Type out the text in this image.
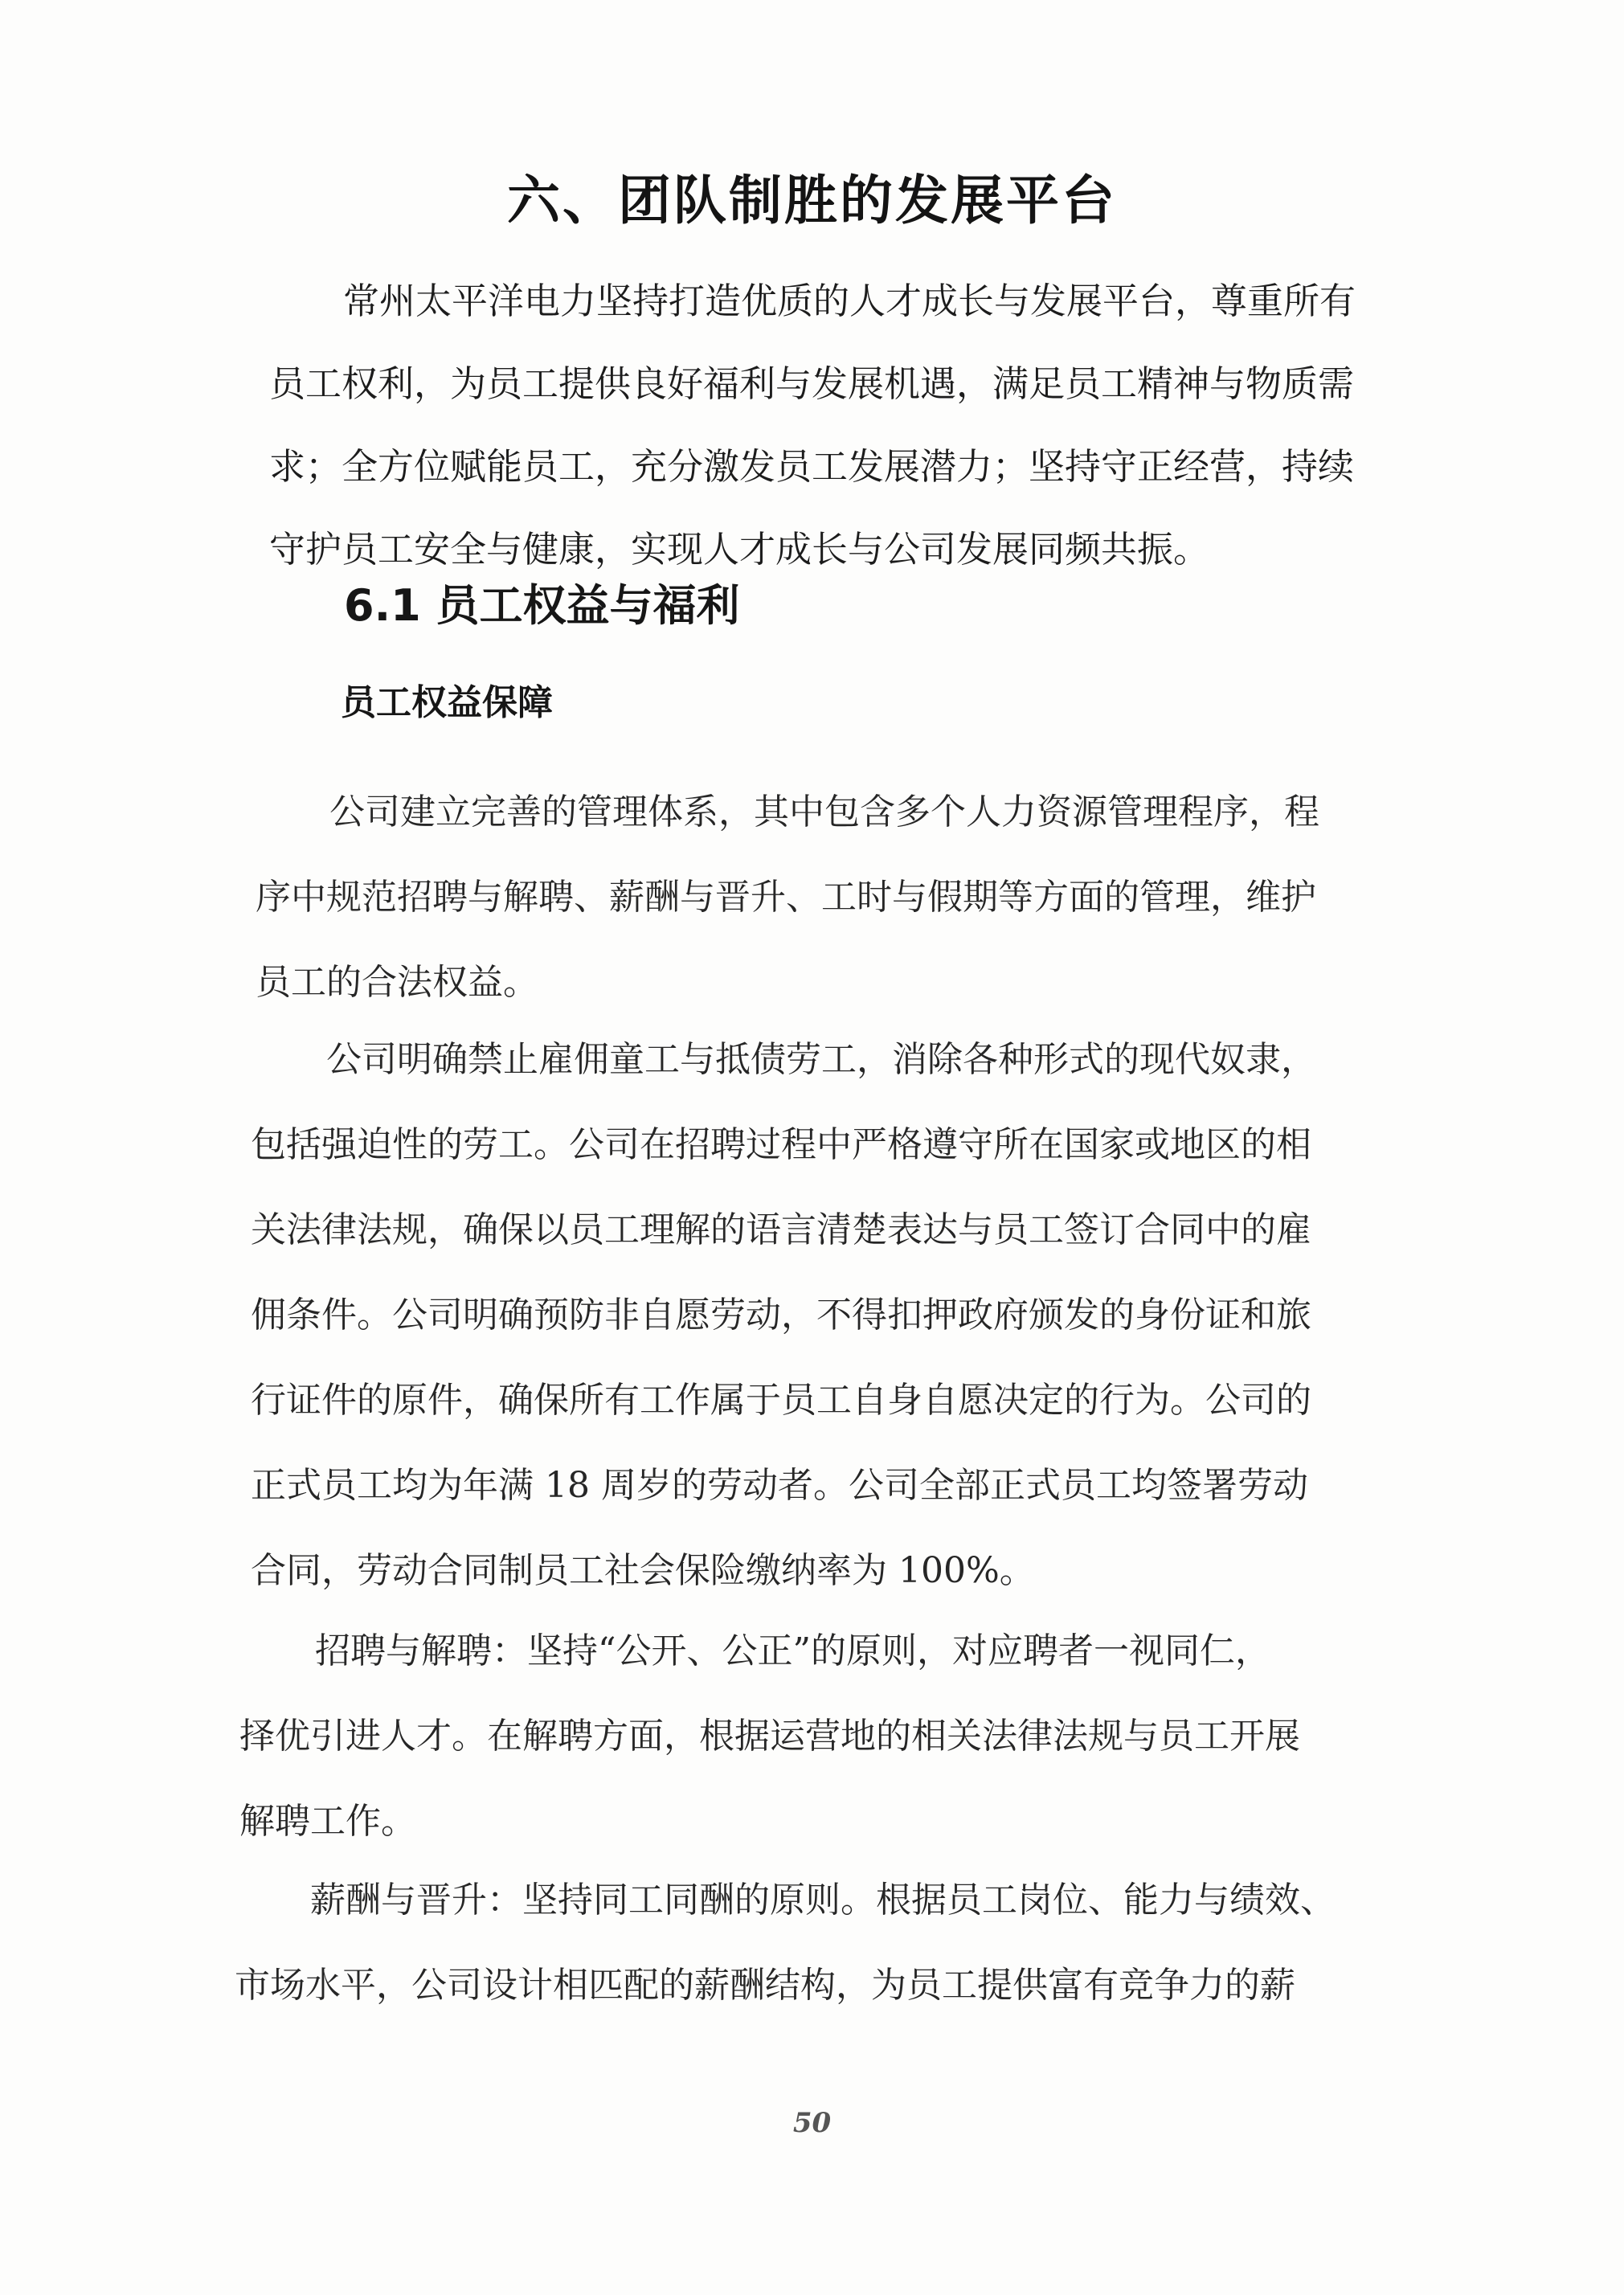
六、团队制胜的发展平台
常州太平洋电力坚持打造优质的人才成长与发展平台，尊重所有
员工权利，为员工提供良好福利与发展机遇，满足员工精神与物质需
求；全方位赋能员工，充分激发员工发展潜力；坚持守正经营，持续
守护员工安全与健康，实现人才成长与公司发展同频共振。
6.1 员工权益与福利
员工权益保障
公司建立完善的管理体系，其中包含多个人力资源管理程序，程
序中规范招聘与解聘、薪酬与晋升、工时与假期等方面的管理，维护
员工的合法权益。
公司明确禁止雇佣童工与抵债劳工，消除各种形式的现代奴隶，
包括强迫性的劳工。公司在招聘过程中严格遵守所在国家或地区的相
关法律法规，确保以员工理解的语言清楚表达与员工签订合同中的雇
佣条件。公司明确预防非自愿劳动，不得扣押政府颁发的身份证和旅
行证件的原件，确保所有工作属于员工自身自愿决定的行为。公司的
正式员工均为年满 18 周岁的劳动者。公司全部正式员工均签署劳动
合同，劳动合同制员工社会保险缴纳率为 100%。
招聘与解聘：坚持“公开、公正”的原则，对应聘者一视同仁，
择优引进人才。在解聘方面，根据运营地的相关法律法规与员工开展
解聘工作。
薪酬与晋升：坚持同工同酬的原则。根据员工岗位、能力与绩效、
市场水平，公司设计相匹配的薪酬结构，为员工提供富有竞争力的薪
50
